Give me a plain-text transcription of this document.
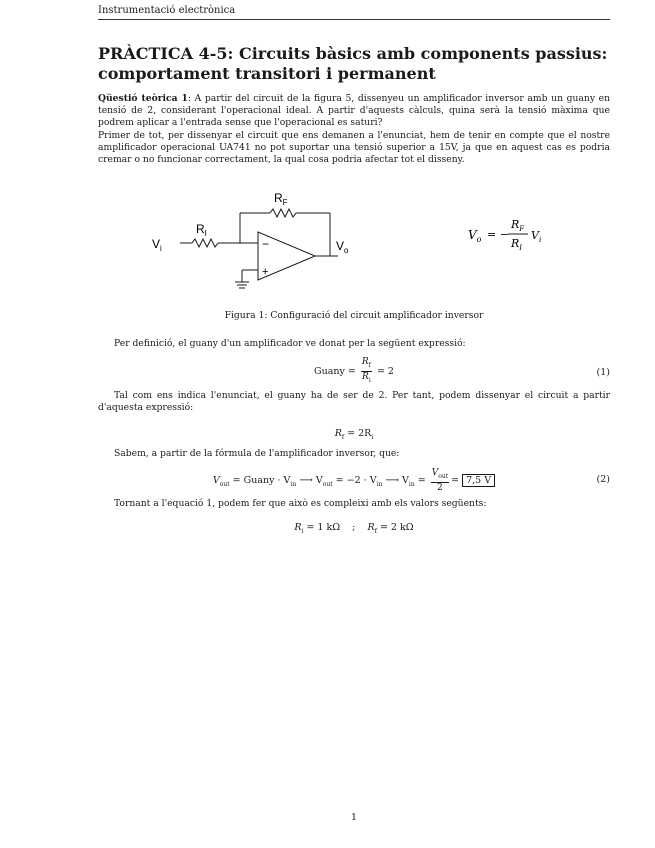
Instrumentació electrònica
PRÀCTICA 4-5: Circuits bàsics amb components passius: comportament transitori i permanent

Qüestió teòrica 1: A partir del circuit de la figura 5, dissenyeu un amplificador inversor amb un guany en tensió de 2, considerant l'operacional ideal. A partir d'aquests càlculs, quina serà la tensió màxima que podrem aplicar a l'entrada sense que l'operacional es saturi?

Primer de tot, per dissenyar el circuit que ens demanen a l'enunciat, hem de tenir en compte que el nostre amplificador operacional UA741 no pot suportar una tensió superior a 15V, ja que en aquest cas es podria cremar o no funcionar correctament, la qual cosa podria afectar tot el disseny.

−
+
$R_F$
$R_I$
$V_i$	$V_o$
$V_o$ = −
$R_F$
$R_I$
$V_i$
Figura 1: Configuració del circuit amplificador inversor

Per definició, el guany d'un amplificador ve donat per la següent expressió:

Guany = $\frac{R_f}{R_i} = 2$	(1)

Tal com ens indica l'enunciat, el guany ha de ser de 2. Per tant, podem dissenyar el circuit a partir d'aquesta expressió:

$R_f = 2R_i$

Sabem, a partir de la fórmula de l'amplificador inversor, que:

$V_{out}$ = Guany · $V_{in}$ ⟶ $V_{out} = -2 \cdot V_{in}$ ⟶ $V_{in} = \frac{V_{out}}{2} = 7,5$ V	(2)

Tornant a l'equació 1, podem fer que això es compleixi amb els valors següents:

$R_i = 1$ kΩ ; $R_f = 2$ kΩ
1
